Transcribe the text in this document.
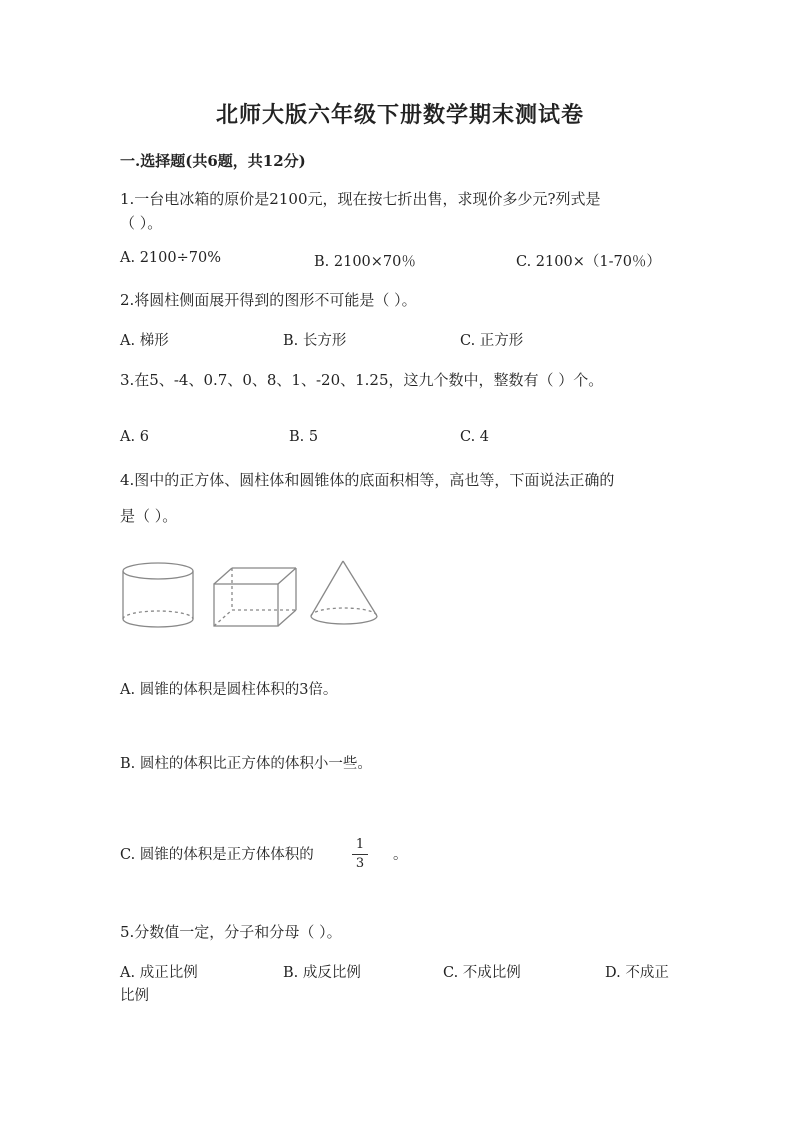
北师大版六年级下册数学期末测试卷
一.选择题(共6题，共12分)
1.一台电冰箱的原价是2100元，现在按七折出售，求现价多少元?列式是
（ ）。
A. 2100÷70%	B. 2100×70％	C. 2100×（1-70％）
2.将圆柱侧面展开得到的图形不可能是（ ）。
A. 梯形	B. 长方形	C. 正方形
3.在5、-4、0.7、0、8、1、-20、1.25，这九个数中，整数有（ ）个。
A. 6	B. 5	C. 4
4.图中的正方体、圆柱体和圆锥体的底面积相等，高也等，下面说法正确的
是（ ）。
A. 圆锥的体积是圆柱体积的3倍。
B. 圆柱的体积比正方体的体积小一些。
C. 圆锥的体积是正方体体积的
1
3
。
5.分数值一定，分子和分母（ ）。
A. 成正比例	B. 成反比例	C. 不成比例	D. 不成正
比例
